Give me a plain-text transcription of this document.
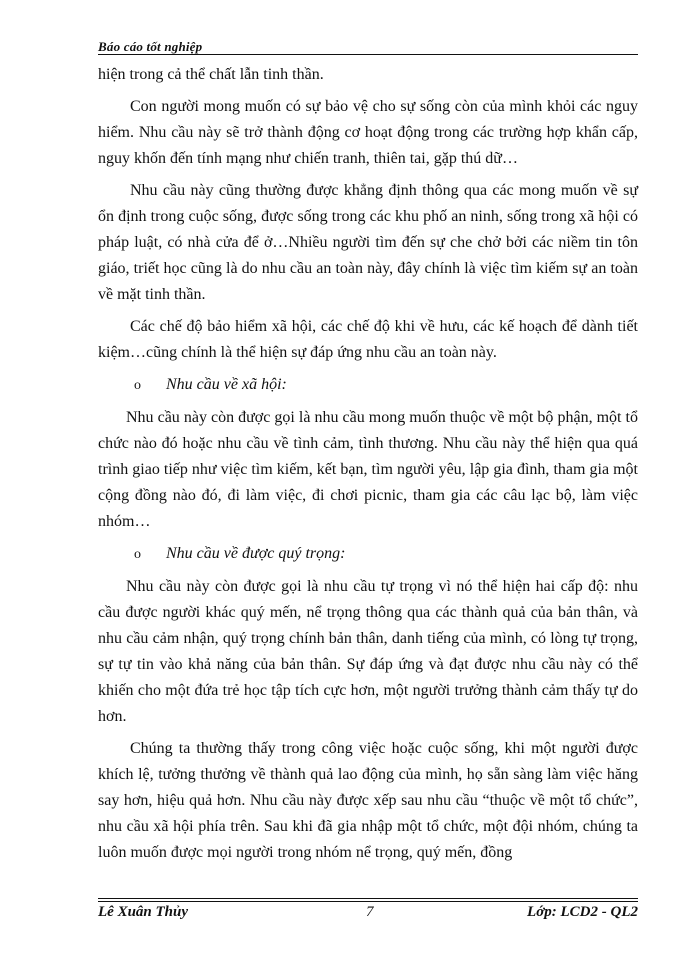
Báo cáo tốt nghiệp

hiện trong cả thể chất lẫn tinh thần.

Con người mong muốn có sự bảo vệ cho sự sống còn của mình khỏi các nguy hiểm. Nhu cầu này sẽ trở thành động cơ hoạt động trong các trường hợp khẩn cấp, nguy khốn đến tính mạng như chiến tranh, thiên tai, gặp thú dữ…

Nhu cầu này cũng thường được khẳng định thông qua các mong muốn về sự ổn định trong cuộc sống, được sống trong các khu phố an ninh, sống trong xã hội có pháp luật, có nhà cửa để ở…Nhiều người tìm đến sự che chở bởi các niềm tin tôn giáo, triết học cũng là do nhu cầu an toàn này, đây chính là việc tìm kiếm sự an toàn về mặt tinh thần.

Các chế độ bảo hiểm xã hội, các chế độ khi về hưu, các kế hoạch để dành tiết kiệm…cũng chính là thể hiện sự đáp ứng nhu cầu an toàn này.

o	Nhu cầu về xã hội:

Nhu cầu này còn được gọi là nhu cầu mong muốn thuộc về một bộ phận, một tổ chức nào đó hoặc nhu cầu về tình cảm, tình thương. Nhu cầu này thể hiện qua quá trình giao tiếp như việc tìm kiếm, kết bạn, tìm người yêu, lập gia đình, tham gia một cộng đồng nào đó, đi làm việc, đi chơi picnic, tham gia các câu lạc bộ, làm việc nhóm…

o	Nhu cầu về được quý trọng:

Nhu cầu này còn được gọi là nhu cầu tự trọng vì nó thể hiện hai cấp độ: nhu cầu được người khác quý mến, nể trọng thông qua các thành quả của bản thân, và nhu cầu cảm nhận, quý trọng chính bản thân, danh tiếng của mình, có lòng tự trọng, sự tự tin vào khả năng của bản thân. Sự đáp ứng và đạt được nhu cầu này có thể khiến cho một đứa trẻ học tập tích cực hơn, một người trưởng thành cảm thấy tự do hơn.

Chúng ta thường thấy trong công việc hoặc cuộc sống, khi một người được khích lệ, tưởng thưởng về thành quả lao động của mình, họ sẵn sàng làm việc hăng say hơn, hiệu quả hơn. Nhu cầu này được xếp sau nhu cầu “thuộc về một tổ chức”, nhu cầu xã hội phía trên. Sau khi đã gia nhập một tổ chức, một đội nhóm, chúng ta luôn muốn được mọi người trong nhóm nể trọng, quý mến, đồng

Lê Xuân Thủy	7	Lớp: LCD2 - QL2
